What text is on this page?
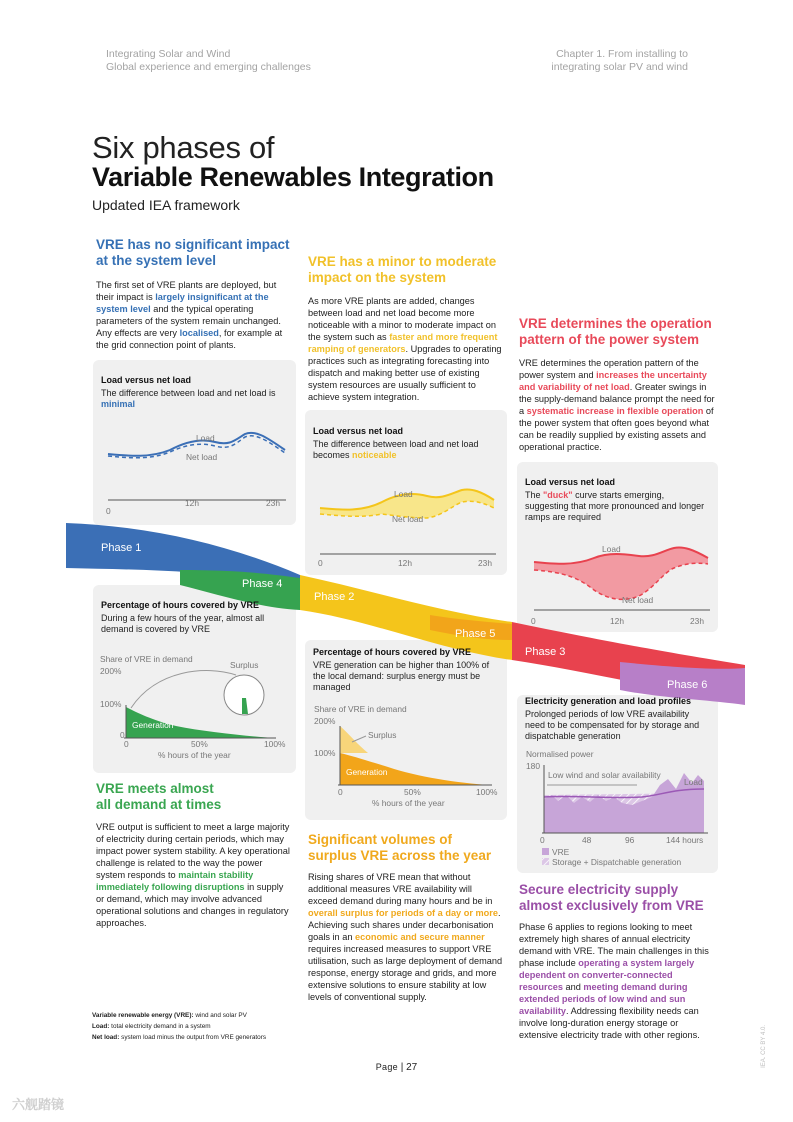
Integrating Solar and Wind
Global experience and emerging challenges
Chapter 1. From installing to
integrating solar PV and wind
Six phases of
Variable Renewables Integration
Updated IEA framework
Phase 1
Phase 4
Phase 2
Phase 5
Phase 3
Phase 6
VRE has no significant impact
at the system level
The first set of VRE plants are deployed, but their impact is largely insignificant at the system level and the typical operating parameters of the system remain unchanged. Any effects are very localised, for example at the grid connection point of plants.
Load versus net load
The difference between load and net load is minimal
Load
Net load
0
12h	23h
Percentage of hours covered by VRE
During a few hours of the year, almost all demand is covered by VRE
Share of VRE in demand
200%
100%
Surplus
Generation
0
0	50%	100%
% hours of the year
VRE meets almost
all demand at times
VRE output is sufficient to meet a large majority of electricity during certain periods, which may impact power system stability. A key operational challenge is related to the way the power system responds to maintain stability immediately following disruptions in supply or demand, which may involve advanced operational solutions and changes in regulatory approaches.
VRE has a minor to moderate
impact on the system
As more VRE plants are added, changes between load and net load become more noticeable with a minor to moderate impact on the system such as faster and more frequent ramping of generators. Upgrades to operating practices such as integrating forecasting into dispatch and making better use of existing system resources are usually sufficient to achieve system integration.
Load versus net load
The difference between load and net load becomes noticeable
Load
Net load
0	12h	23h
Percentage of hours covered by VRE
VRE generation can be higher than 100% of the local demand: surplus energy must be managed
Share of VRE in demand
200%
100%
Surplus
Generation
0	50%	100%
% hours of the year
Significant volumes of
surplus VRE across the year
Rising shares of VRE mean that without additional measures VRE availability will exceed demand during many hours and be in overall surplus for periods of a day or more. Achieving such shares under decarbonisation goals in an economic and secure manner requires increased measures to support VRE utilisation, such as large deployment of demand response, energy storage and grids, and more extensive solutions to ensure stability at low levels of conventional supply.
VRE determines the operation
pattern of the power system
VRE determines the operation pattern of the power system and increases the uncertainty and variability of net load. Greater swings in the supply-demand balance prompt the need for a systematic increase in flexible operation of the power system that often goes beyond what can be readily supplied by existing assets and operational practice.
Load versus net load
The "duck" curve starts emerging, suggesting that more pronounced and longer ramps are required
Load
Net load
0	12h	23h
Electricity generation and load profiles
Prolonged periods of low VRE availability need to be compensated for by storage and dispatchable generation
Normalised power
180
Low wind and solar availability
Load
0	48	96	144 hours
VRE
Storage + Dispatchable generation
Secure electricity supply
almost exclusively from VRE
Phase 6 applies to regions looking to meet extremely high shares of annual electricity demand with VRE. The main challenges in this phase include operating a system largely dependent on converter-connected resources and meeting demand during extended periods of low wind and sun availability. Addressing flexibility needs can involve long-duration energy storage or extensive electricity trade with other regions.
Variable renewable energy (VRE): wind and solar PV
Load: total electricity demand in a system
Net load: system load minus the output from VRE generators
Page | 27	IEA. CC BY 4.0.
六舰踏镜
